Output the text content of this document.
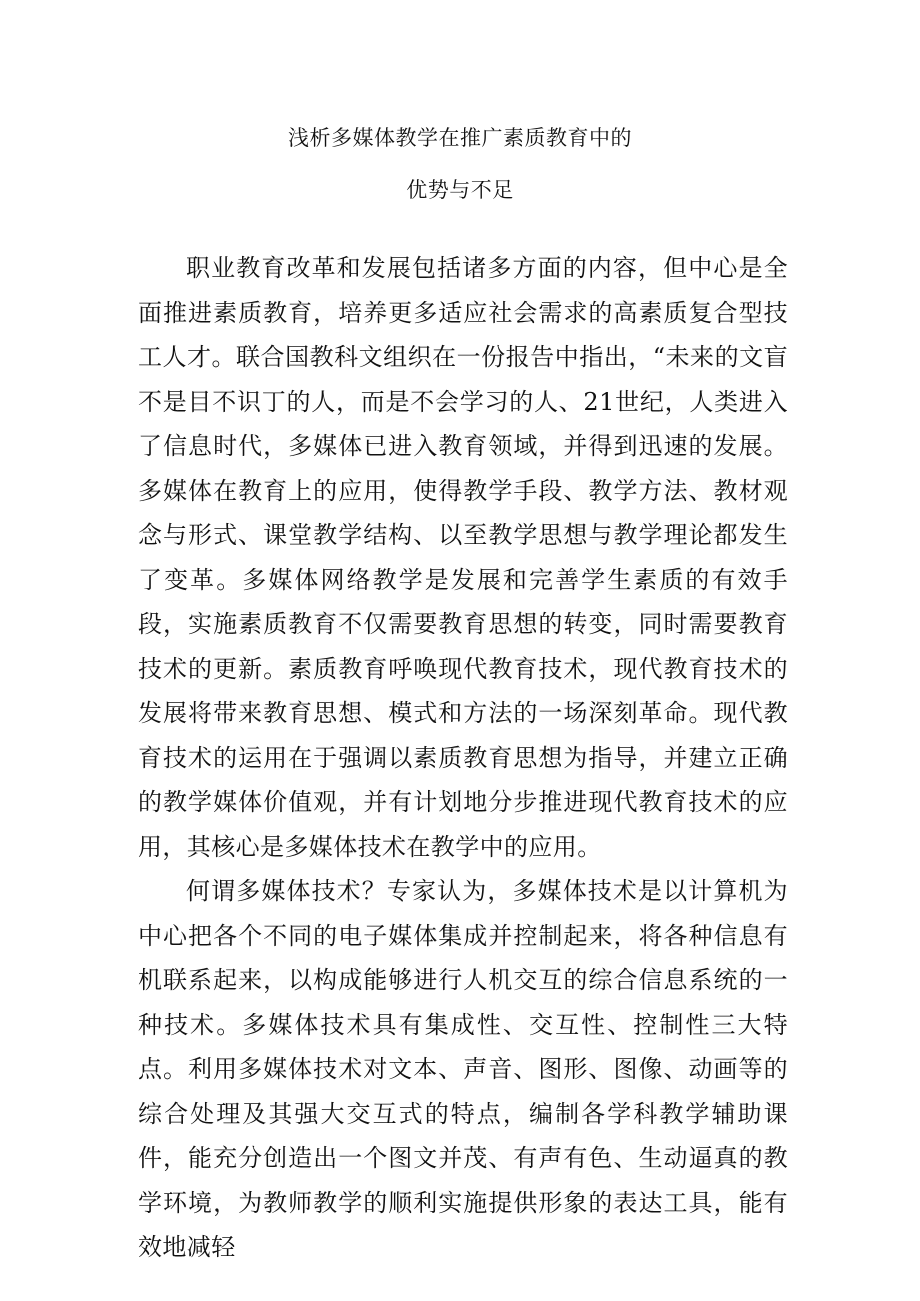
浅析多媒体教学在推广素质教育中的
优势与不足

职业教育改革和发展包括诸多方面的内容，但中心是全面推进素质教育，培养更多适应社会需求的高素质复合型技工人才。联合国教科文组织在一份报告中指出，“未来的文盲不是目不识丁的人，而是不会学习的人、21世纪，人类进入了信息时代，多媒体已进入教育领域，并得到迅速的发展。多媒体在教育上的应用，使得教学手段、教学方法、教材观念与形式、课堂教学结构、以至教学思想与教学理论都发生了变革。多媒体网络教学是发展和完善学生素质的有效手段，实施素质教育不仅需要教育思想的转变，同时需要教育技术的更新。素质教育呼唤现代教育技术，现代教育技术的发展将带来教育思想、模式和方法的一场深刻革命。现代教育技术的运用在于强调以素质教育思想为指导，并建立正确的教学媒体价值观，并有计划地分步推进现代教育技术的应用，其核心是多媒体技术在教学中的应用。

何谓多媒体技术？专家认为，多媒体技术是以计算机为中心把各个不同的电子媒体集成并控制起来，将各种信息有机联系起来，以构成能够进行人机交互的综合信息系统的一种技术。多媒体技术具有集成性、交互性、控制性三大特点。利用多媒体技术对文本、声音、图形、图像、动画等的综合处理及其强大交互式的特点，编制各学科教学辅助课件，能充分创造出一个图文并茂、有声有色、生动逼真的教学环境，为教师教学的顺利实施提供形象的表达工具，能有效地减轻
